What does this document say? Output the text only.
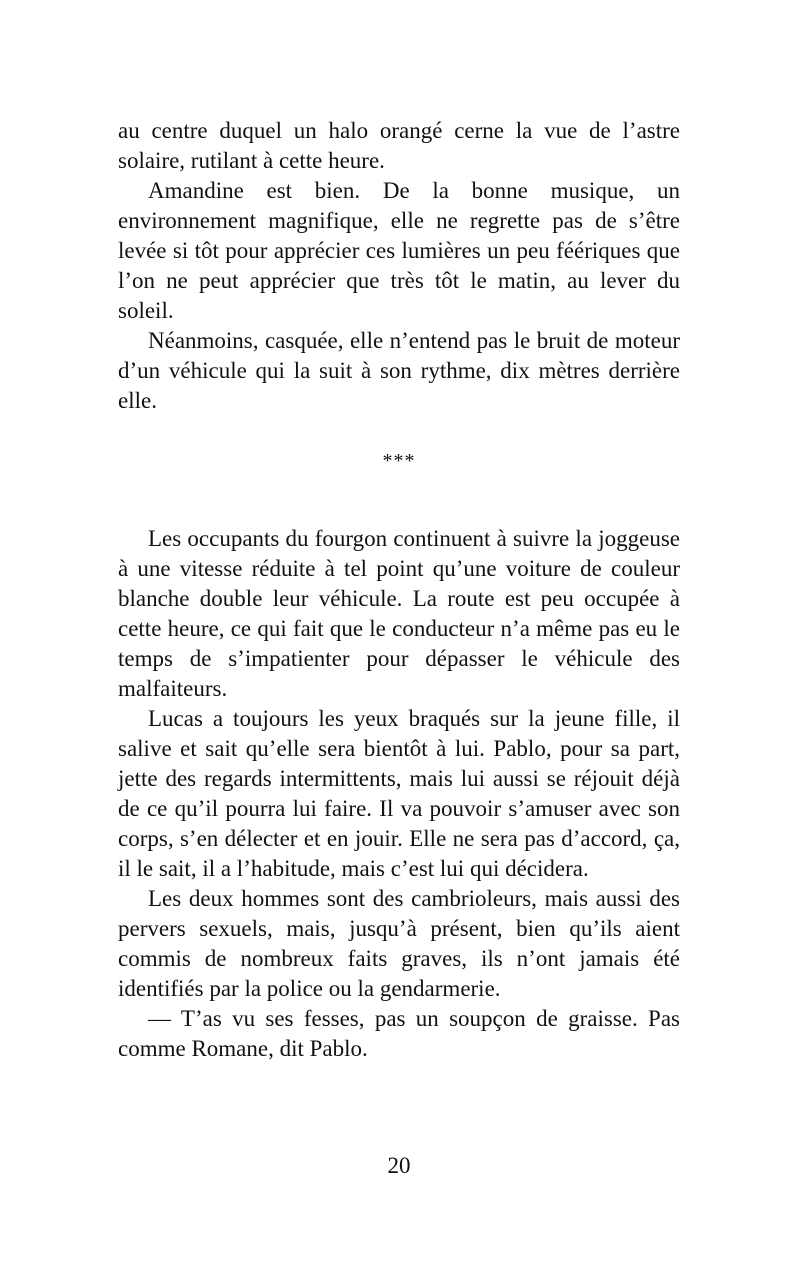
au centre duquel un halo orangé cerne la vue de l’astre solaire, rutilant à cette heure.

Amandine est bien. De la bonne musique, un environnement magnifique, elle ne regrette pas de s’être levée si tôt pour apprécier ces lumières un peu féériques que l’on ne peut apprécier que très tôt le matin, au lever du soleil.

Néanmoins, casquée, elle n’entend pas le bruit de moteur d’un véhicule qui la suit à son rythme, dix mètres derrière elle.

***

Les occupants du fourgon continuent à suivre la joggeuse à une vitesse réduite à tel point qu’une voiture de couleur blanche double leur véhicule. La route est peu occupée à cette heure, ce qui fait que le conducteur n’a même pas eu le temps de s’impatienter pour dépasser le véhicule des malfaiteurs.

Lucas a toujours les yeux braqués sur la jeune fille, il salive et sait qu’elle sera bientôt à lui. Pablo, pour sa part, jette des regards intermittents, mais lui aussi se réjouit déjà de ce qu’il pourra lui faire. Il va pouvoir s’amuser avec son corps, s’en délecter et en jouir. Elle ne sera pas d’accord, ça, il le sait, il a l’habitude, mais c’est lui qui décidera.

Les deux hommes sont des cambrioleurs, mais aussi des pervers sexuels, mais, jusqu’à présent, bien qu’ils aient commis de nombreux faits graves, ils n’ont jamais été identifiés par la police ou la gendarmerie.

— T’as vu ses fesses, pas un soupçon de graisse. Pas comme Romane, dit Pablo.

20
